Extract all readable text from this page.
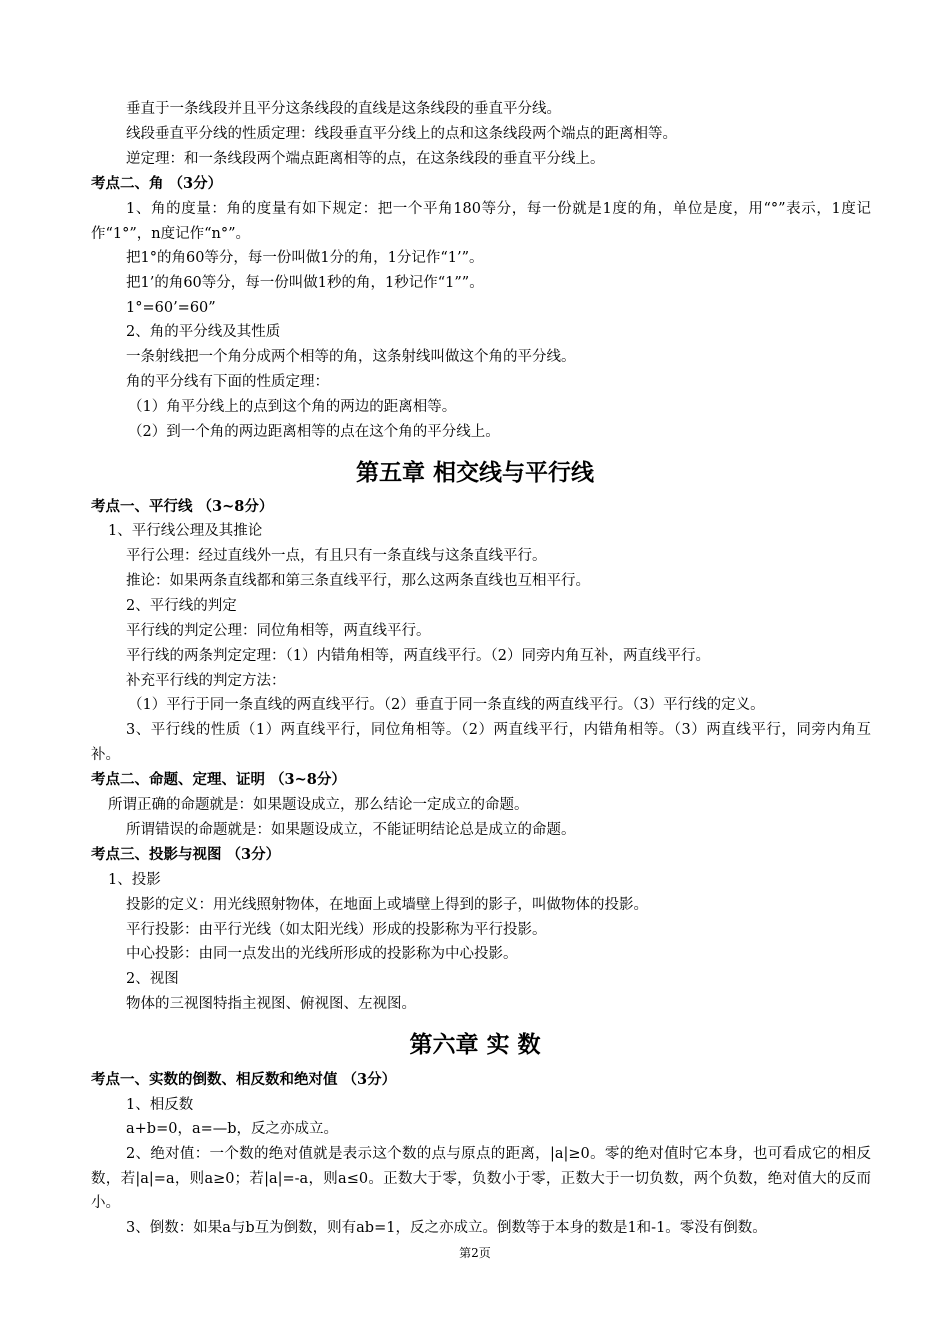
垂直于一条线段并且平分这条线段的直线是这条线段的垂直平分线。
线段垂直平分线的性质定理：线段垂直平分线上的点和这条线段两个端点的距离相等。
逆定理：和一条线段两个端点距离相等的点，在这条线段的垂直平分线上。
考点二、角 （3分）
1、角的度量：角的度量有如下规定：把一个平角180等分，每一份就是1度的角，单位是度，用“°”表示，1度记作“1°”，n度记作“n°”。
把1°的角60等分，每一份叫做1分的角，1分记作“1’”。
把1’的角60等分，每一份叫做1秒的角，1秒记作“1””。
1°=60’=60”
2、角的平分线及其性质
一条射线把一个角分成两个相等的角，这条射线叫做这个角的平分线。
角的平分线有下面的性质定理：
（1）角平分线上的点到这个角的两边的距离相等。
（2）到一个角的两边距离相等的点在这个角的平分线上。
第五章 相交线与平行线
考点一、平行线 （3~8分）
1、平行线公理及其推论
平行公理：经过直线外一点，有且只有一条直线与这条直线平行。
推论：如果两条直线都和第三条直线平行，那么这两条直线也互相平行。
2、平行线的判定
平行线的判定公理：同位角相等，两直线平行。
平行线的两条判定定理：（1）内错角相等，两直线平行。（2）同旁内角互补，两直线平行。
补充平行线的判定方法：
（1）平行于同一条直线的两直线平行。（2）垂直于同一条直线的两直线平行。（3）平行线的定义。
3、平行线的性质（1）两直线平行，同位角相等。（2）两直线平行，内错角相等。（3）两直线平行，同旁内角互补。
考点二、命题、定理、证明 （3~8分）
所谓正确的命题就是：如果题设成立，那么结论一定成立的命题。
所谓错误的命题就是：如果题设成立，不能证明结论总是成立的命题。
考点三、投影与视图 （3分）
1、投影
投影的定义：用光线照射物体，在地面上或墙壁上得到的影子，叫做物体的投影。
平行投影：由平行光线（如太阳光线）形成的投影称为平行投影。
中心投影：由同一点发出的光线所形成的投影称为中心投影。
2、视图
物体的三视图特指主视图、俯视图、左视图。
第六章 实 数
考点一、实数的倒数、相反数和绝对值 （3分）
1、相反数
a+b=0，a=—b，反之亦成立。
2、绝对值：一个数的绝对值就是表示这个数的点与原点的距离，|a|≥0。零的绝对值时它本身，也可看成它的相反数，若|a|=a，则a≥0；若|a|=-a，则a≤0。正数大于零，负数小于零，正数大于一切负数，两个负数，绝对值大的反而小。
3、倒数：如果a与b互为倒数，则有ab=1，反之亦成立。倒数等于本身的数是1和-1。零没有倒数。
第2页
